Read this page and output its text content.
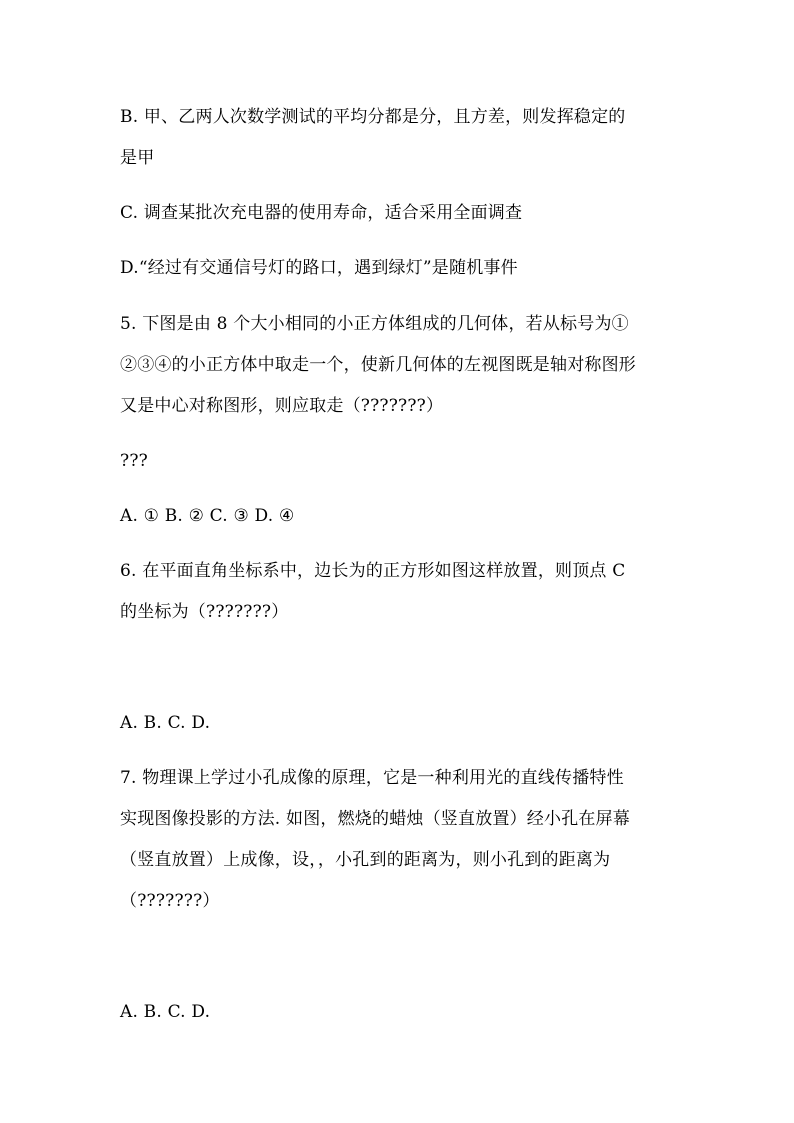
B. 甲、乙两人次数学测试的平均分都是分，且方差，则发挥稳定的
是甲
C. 调查某批次充电器的使用寿命，适合采用全面调查
D.“经过有交通信号灯的路口，遇到绿灯”是随机事件
5. 下图是由 8 个大小相同的小正方体组成的几何体，若从标号为①
②③④的小正方体中取走一个，使新几何体的左视图既是轴对称图形
又是中心对称图形，则应取走（???????）
???
A. ① B. ② C. ③ D. ④
6. 在平面直角坐标系中，边长为的正方形如图这样放置，则顶点 C
的坐标为（???????）
A. B. C. D.
7. 物理课上学过小孔成像的原理，它是一种利用光的直线传播特性
实现图像投影的方法. 如图，燃烧的蜡烛（竖直放置）经小孔在屏幕
（竖直放置）上成像，设，，小孔到的距离为，则小孔到的距离为
（???????）
A. B. C. D.
